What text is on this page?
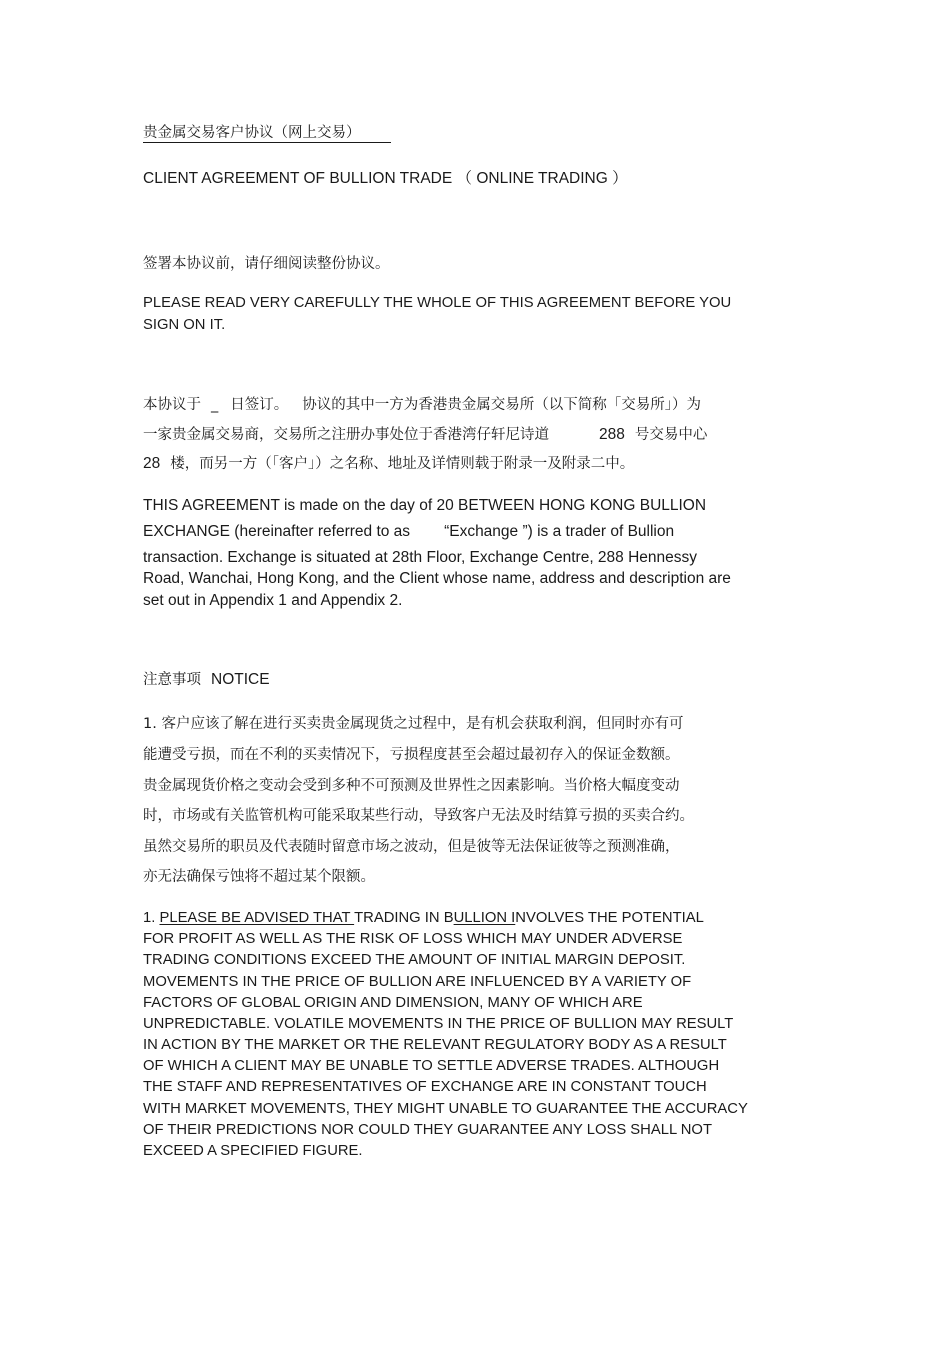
贵金属交易客户协议（网上交易）

CLIENT AGREEMENT OF BULLION TRADE （ ONLINE TRADING ）

签署本协议前，请仔细阅读整份协议。

PLEASE READ VERY CAREFULLY THE WHOLE OF THIS AGREEMENT BEFORE YOU

SIGN ON IT.

本协议于 _ 日签订。 协议的其中一方为香港贵金属交易所（以下简称「交易所」）为

一家贵金属交易商，交易所之注册办事处位于香港湾仔轩尼诗道	288 号交易中心

28 楼，而另一方（「客户」）之名称、地址及详情则载于附录一及附录二中。

THIS AGREEMENT is made on the day of 20 BETWEEN HONG KONG BULLION

EXCHANGE (hereinafter referred to as “Exchange ”) is a trader of Bullion

transaction. Exchange is situated at 28th Floor, Exchange Centre, 288 Hennessy

Road, Wanchai, Hong Kong, and the Client whose name, address and description are

set out in Appendix 1 and Appendix 2.

注意事项 NOTICE

1. 客户应该了解在进行买卖贵金属现货之过程中，是有机会获取利润，但同时亦有可

能遭受亏损，而在不利的买卖情况下，亏损程度甚至会超过最初存入的保证金数额。

贵金属现货价格之变动会受到多种不可预测及世界性之因素影响。当价格大幅度变动

时，市场或有关监管机构可能采取某些行动，导致客户无法及时结算亏损的买卖合约。

虽然交易所的职员及代表随时留意市场之波动，但是彼等无法保证彼等之预测准确，

亦无法确保亏蚀将不超过某个限额。

1. PLEASE BE ADVISED THAT TRADING IN BULLION INVOLVES THE POTENTIAL

FOR PROFIT AS WELL AS THE RISK OF LOSS WHICH MAY UNDER ADVERSE

TRADING CONDITIONS EXCEED THE AMOUNT OF INITIAL MARGIN DEPOSIT.

MOVEMENTS IN THE PRICE OF BULLION ARE INFLUENCED BY A VARIETY OF

FACTORS OF GLOBAL ORIGIN AND DIMENSION, MANY OF WHICH ARE

UNPREDICTABLE. VOLATILE MOVEMENTS IN THE PRICE OF BULLION MAY RESULT

IN ACTION BY THE MARKET OR THE RELEVANT REGULATORY BODY AS A RESULT

OF WHICH A CLIENT MAY BE UNABLE TO SETTLE ADVERSE TRADES. ALTHOUGH

THE STAFF AND REPRESENTATIVES OF EXCHANGE ARE IN CONSTANT TOUCH

WITH MARKET MOVEMENTS, THEY MIGHT UNABLE TO GUARANTEE THE ACCURACY

OF THEIR PREDICTIONS NOR COULD THEY GUARANTEE ANY LOSS SHALL NOT

EXCEED A SPECIFIED FIGURE.
